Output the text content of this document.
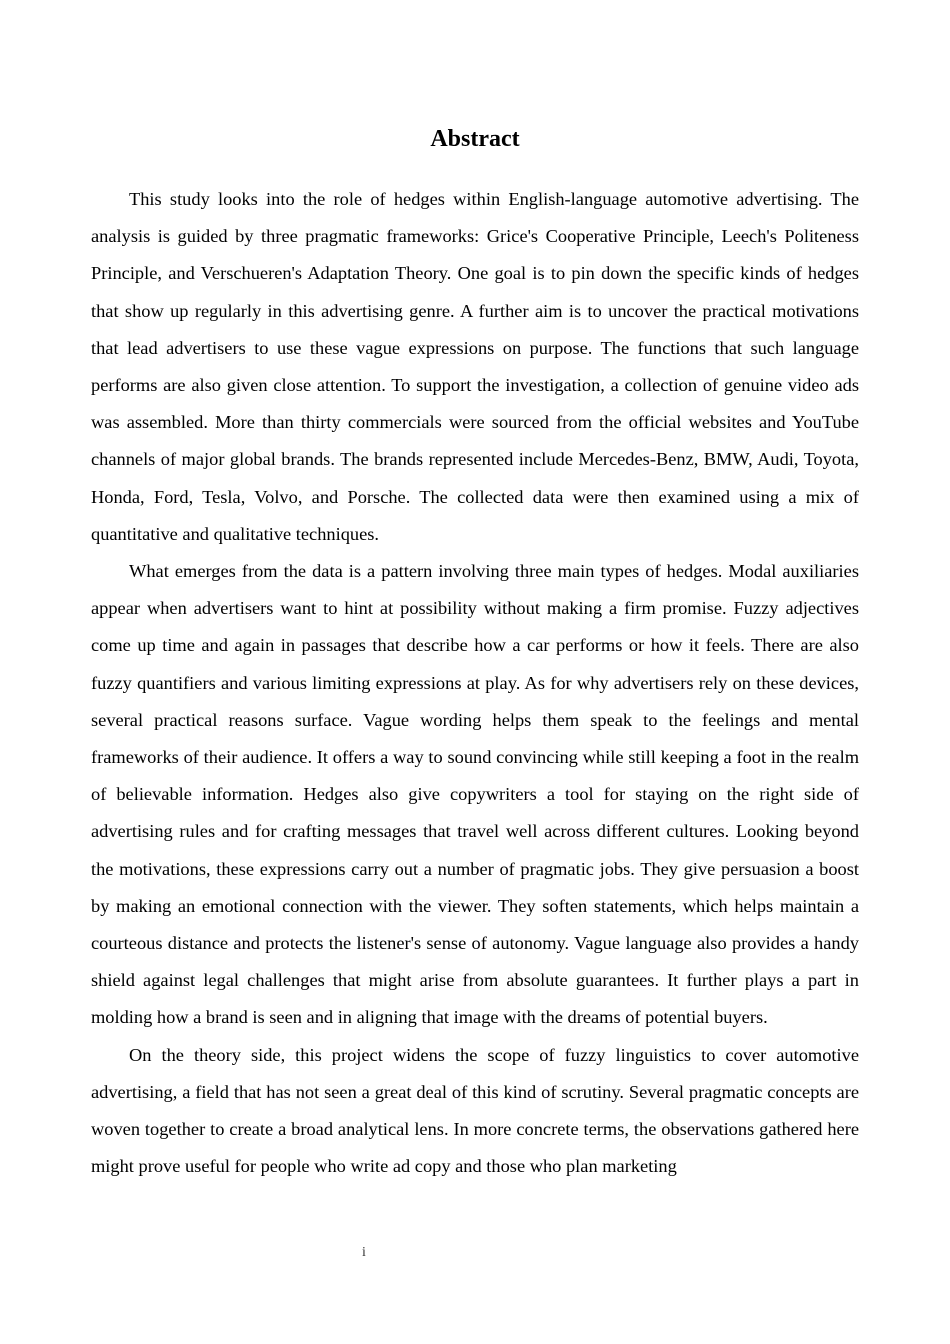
Abstract

This study looks into the role of hedges within English-language automotive advertising. The analysis is guided by three pragmatic frameworks: Grice's Cooperative Principle, Leech's Politeness Principle, and Verschueren's Adaptation Theory. One goal is to pin down the specific kinds of hedges that show up regularly in this advertising genre. A further aim is to uncover the practical motivations that lead advertisers to use these vague expressions on purpose. The functions that such language performs are also given close attention. To support the investigation, a collection of genuine video ads was assembled. More than thirty commercials were sourced from the official websites and YouTube channels of major global brands. The brands represented include Mercedes-Benz, BMW, Audi, Toyota, Honda, Ford, Tesla, Volvo, and Porsche. The collected data were then examined using a mix of quantitative and qualitative techniques.

What emerges from the data is a pattern involving three main types of hedges. Modal auxiliaries appear when advertisers want to hint at possibility without making a firm promise. Fuzzy adjectives come up time and again in passages that describe how a car performs or how it feels. There are also fuzzy quantifiers and various limiting expressions at play. As for why advertisers rely on these devices, several practical reasons surface. Vague wording helps them speak to the feelings and mental frameworks of their audience. It offers a way to sound convincing while still keeping a foot in the realm of believable information. Hedges also give copywriters a tool for staying on the right side of advertising rules and for crafting messages that travel well across different cultures. Looking beyond the motivations, these expressions carry out a number of pragmatic jobs. They give persuasion a boost by making an emotional connection with the viewer. They soften statements, which helps maintain a courteous distance and protects the listener's sense of autonomy. Vague language also provides a handy shield against legal challenges that might arise from absolute guarantees. It further plays a part in molding how a brand is seen and in aligning that image with the dreams of potential buyers.

On the theory side, this project widens the scope of fuzzy linguistics to cover automotive advertising, a field that has not seen a great deal of this kind of scrutiny. Several pragmatic concepts are woven together to create a broad analytical lens. In more concrete terms, the observations gathered here might prove useful for people who write ad copy and those who plan marketing

i
